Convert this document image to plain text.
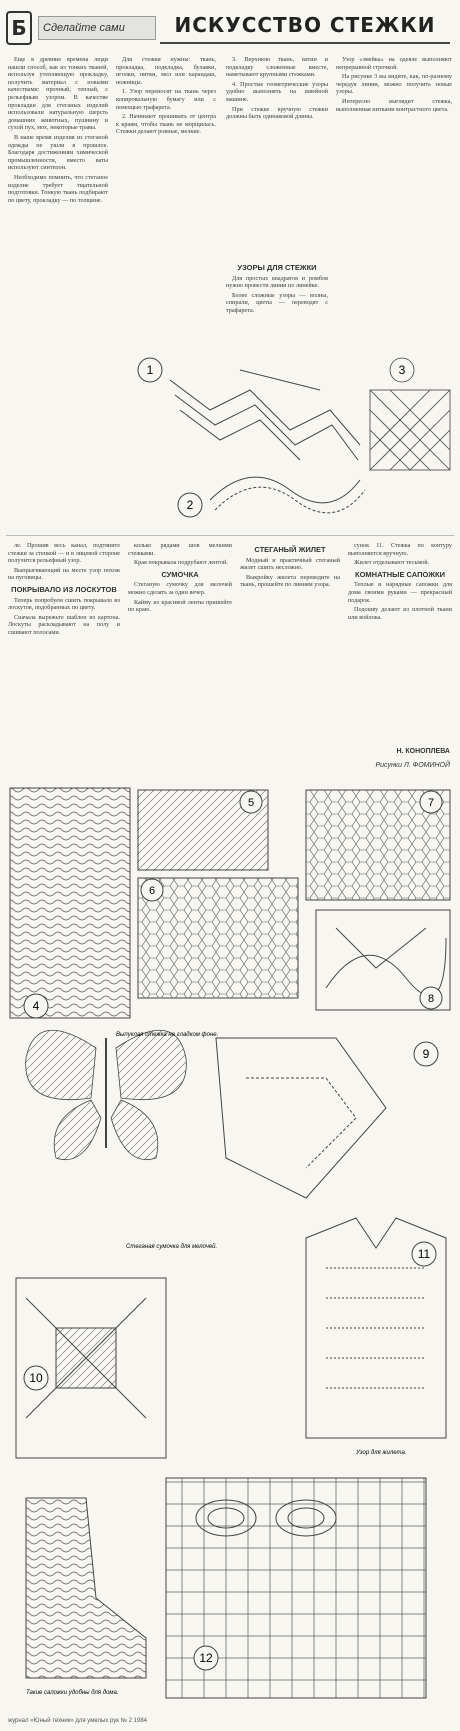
Б	Сделайте сами	ИСКУССТВО СТЕЖКИ

Еще в древние времена люди нашли способ, как из тонких тканей, используя утепляющую прокладку, получить материал с новыми качествами: прочный, теплый, с рельефным узором. В качестве прокладки для стеганых изделий использовали натуральную шерсть домашних животных, пушнину и сухой пух, мох, некоторые травы.

В наше время изделия из стеганой одежды не ушли в прошлое. Благодаря достижениям химической промышленности, вместо ваты используют синтепон.

Необходимо помнить, что стеганое изделие требует тщательной подготовки. Тонкую ткань подбирают по цвету, прокладку — по толщине.

Для стежки нужны: ткань, прокладка, подкладка, булавки, иголки, нитки, мел или карандаш, ножницы.

1. Узор переносят на ткань через копировальную бумагу или с помощью трафарета.

2. Начинают прошивать от центра к краям, чтобы ткань не морщилась. Стежки делают ровные, мелкие.

3. Верхнюю ткань, ватин и подкладку сложенные вместе, наметывают крупными стежками.

4. Простые геометрические узоры удобно выполнять на швейной машине.

При стежке вручную стежки должны быть одинаковой длины.

УЗОРЫ ДЛЯ СТЕЖКИ

Для простых квадратов и ромбов нужно провести линии по линейке.

Более сложные узоры — волны, спирали, цветы — переводят с трафарета.

Узор «змейка» на одеяле выполняют непрерывной строчкой.

На рисунке 3 вы видите, как, по-разному чередуя линии, можно получить новые узоры.

Интересно выглядит стежка, выполненная нитками контрастного цвета.

1
2
3

ле. Прошив весь канал, подтяните стежки за стенкой — и в лицевой стороне получится рельефный узор.

Выпрыгивающий на месте узор похож на пуговицы.

ПОКРЫВАЛО ИЗ ЛОСКУТОВ

Теперь попробуем сшить покрывало из лоскутов, подобранных по цвету.

Сначала вырежьте шаблон из картона. Лоскуты раскладывают на полу и сшивают полосами.

колько рядами шов мелкими стежками.

Края покрывала подрубают лентой.

СУМОЧКА

Стеганую сумочку для мелочей можно сделать за один вечер.

Кайму из красивой ленты пришейте по краю.

СТЕГАНЫЙ ЖИЛЕТ

Модный и практичный стеганый жилет сшить несложно.

Выкройку жилета переведите на ткань, прошейте по линиям узора.

сунок 11. Стежка по контуру выполняется вручную.

Жилет отделывают тесьмой.

КОМНАТНЫЕ САПОЖКИ

Теплые и нарядные сапожки для дома своими руками — прекрасный подарок.

Подошву делают из плотной ткани или войлока.

Н. КОНОПЛЕВА
Рисунки Л. ФОМИНОЙ
4
5
6
7
8
Выпуклая стежка на гладком фоне.
9
Стеганая сумочка для мелочей.
10
11
Узор для жилета.
12
Такие сапожки удобны для дома.
журнал «Юный техник» для умелых рук № 2 1984
